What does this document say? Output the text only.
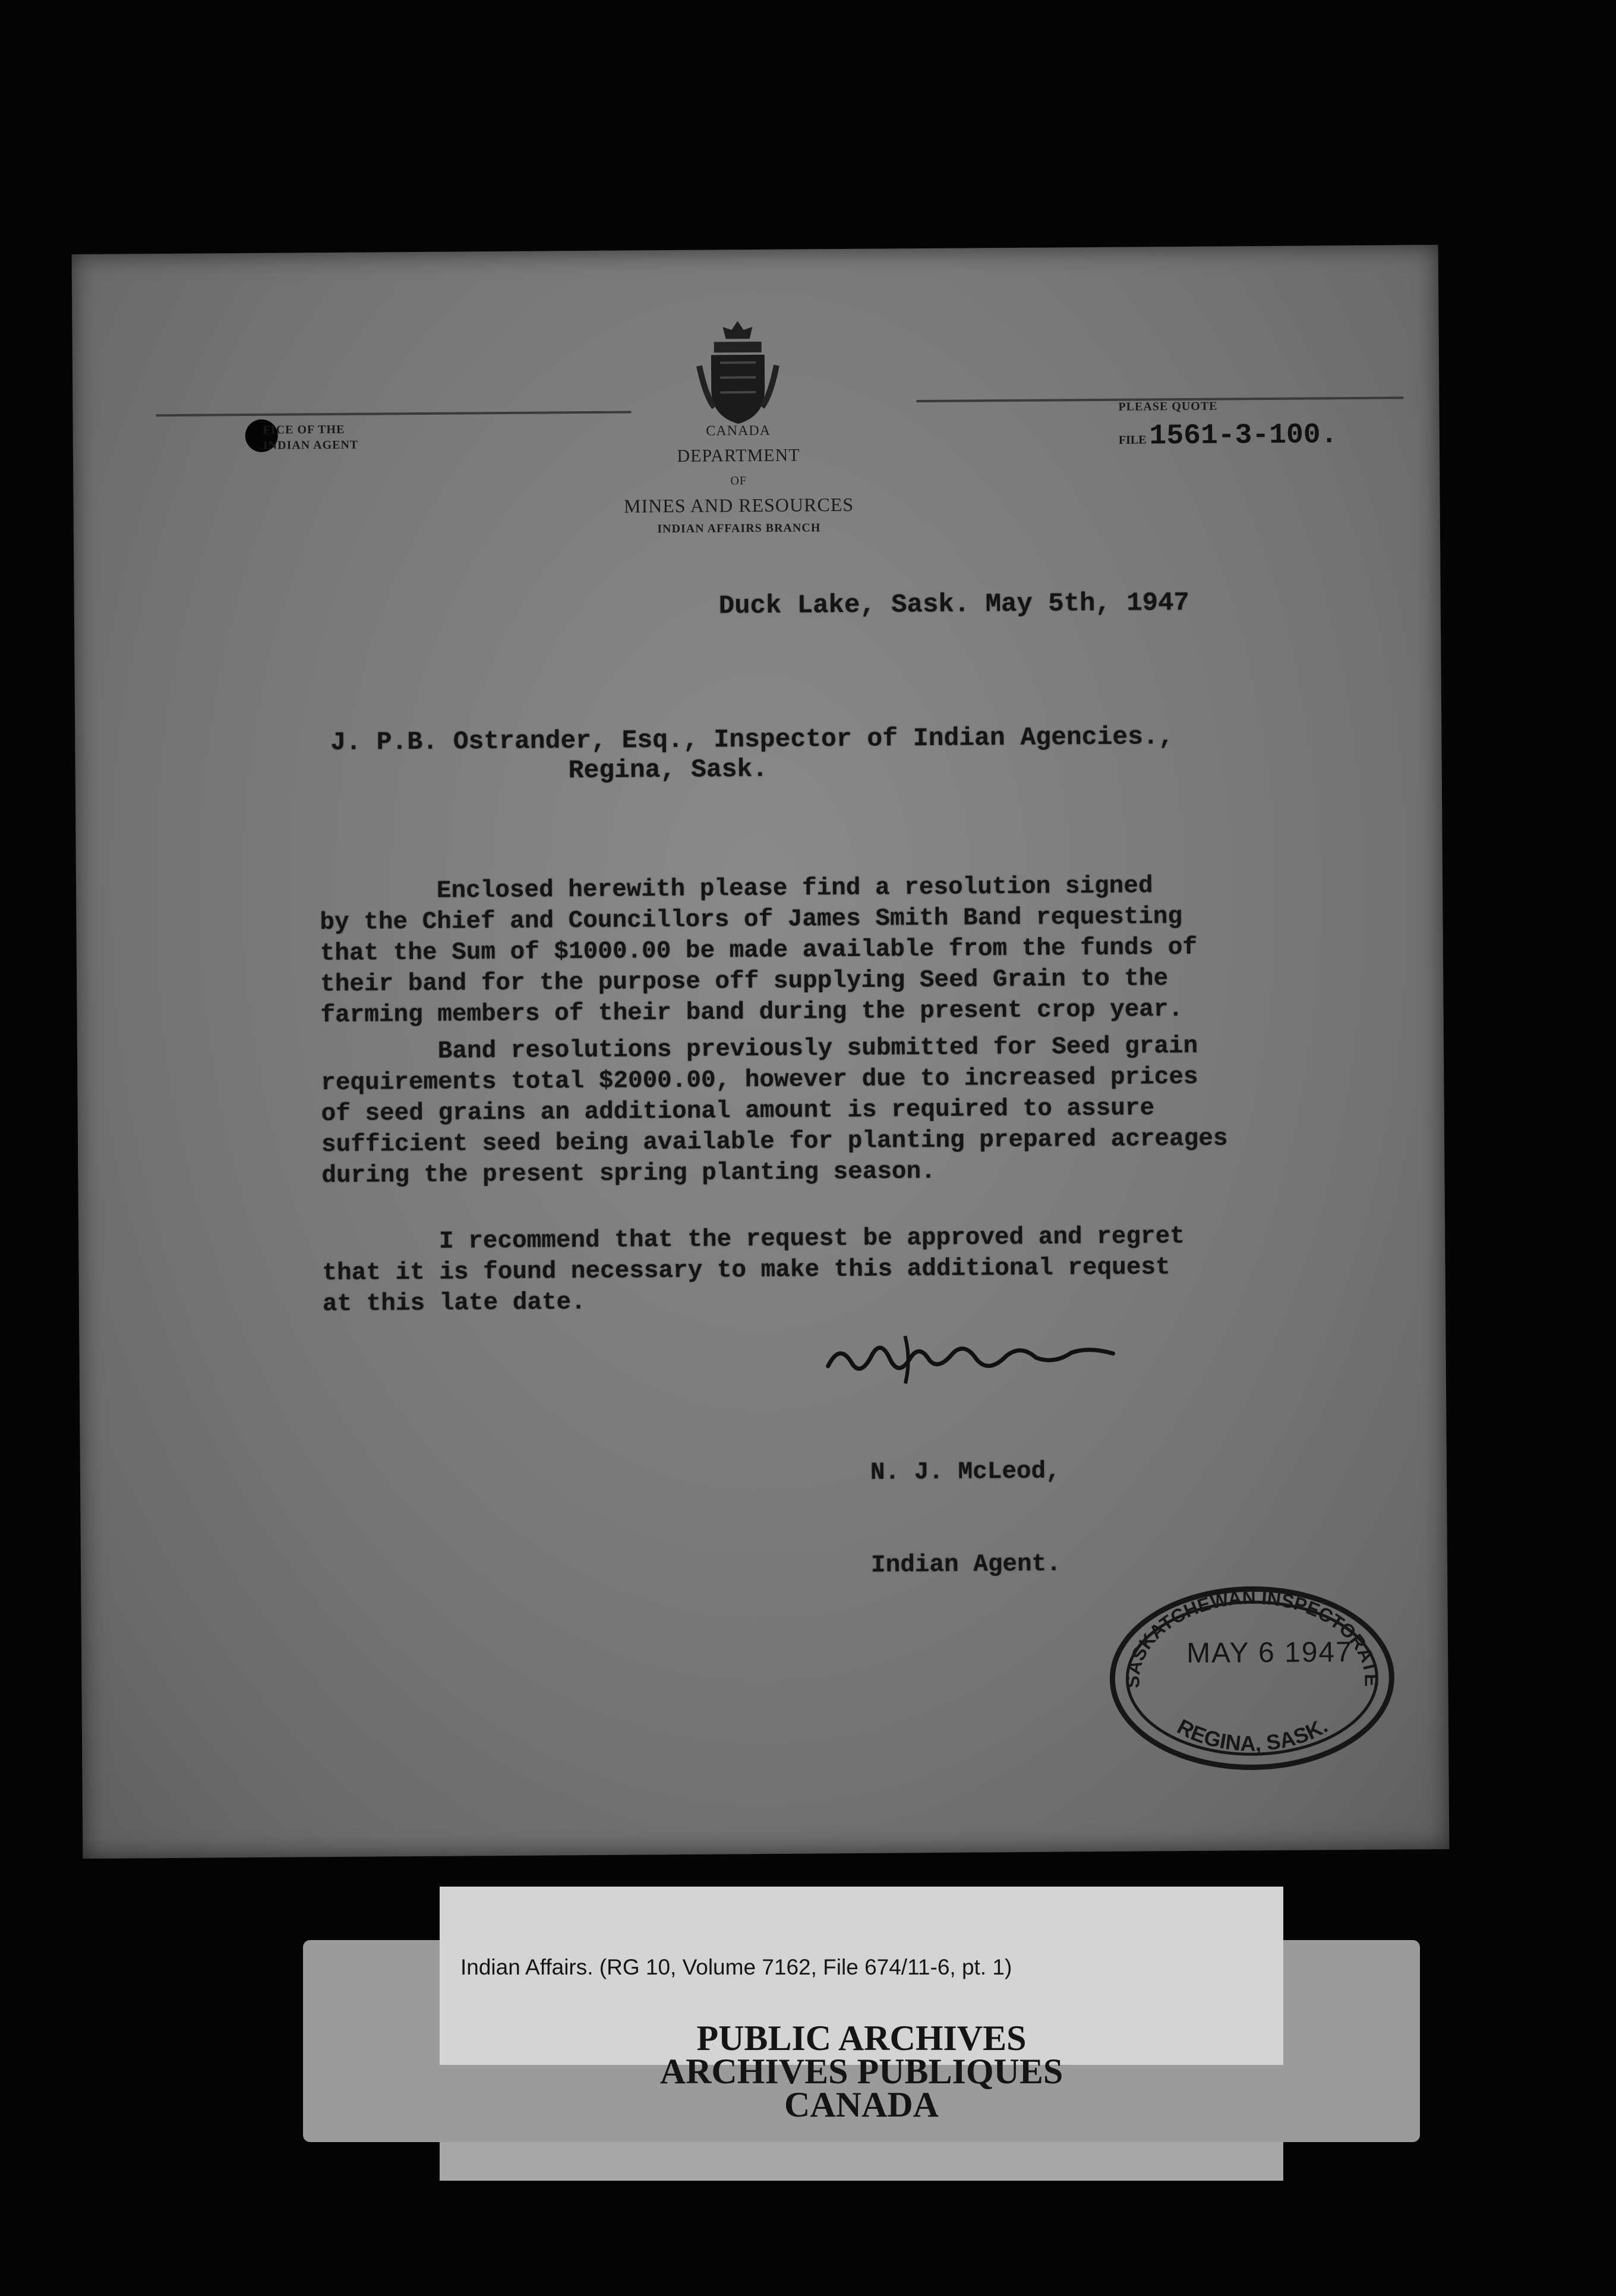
CANADA
DEPARTMENT
OF
MINES AND RESOURCES
INDIAN AFFAIRS BRANCH
FICE OF THE
INDIAN AGENT
PLEASE QUOTE
FILE 1561-3-100.
Duck Lake, Sask. May 5th, 1947
J. P.B. Ostrander, Esq., Inspector of Indian Agencies.,
Regina, Sask.
Enclosed herewith please find a resolution signed
by the Chief and Councillors of James Smith Band requesting
that the Sum of $1000.00 be made available from the funds of
their band for the purpose off supplying Seed Grain to the
farming members of their band during the present crop year.
Band resolutions previously submitted for Seed grain
requirements total $2000.00, however due to increased prices
of seed grains an additional amount is required to assure
sufficient seed being available for planting prepared acreages
during the present spring planting season.
I recommend that the request be approved and regret
that it is found necessary to make this additional request
at this late date.

N. J. McLeod,

Indian Agent.

SASKATCHEWAN INSPECTORATE
REGINA, SASK.
MAY 6 1947
Indian Affairs. (RG 10, Volume 7162, File 674/11-6, pt. 1)
PUBLIC ARCHIVES
ARCHIVES PUBLIQUES
CANADA
